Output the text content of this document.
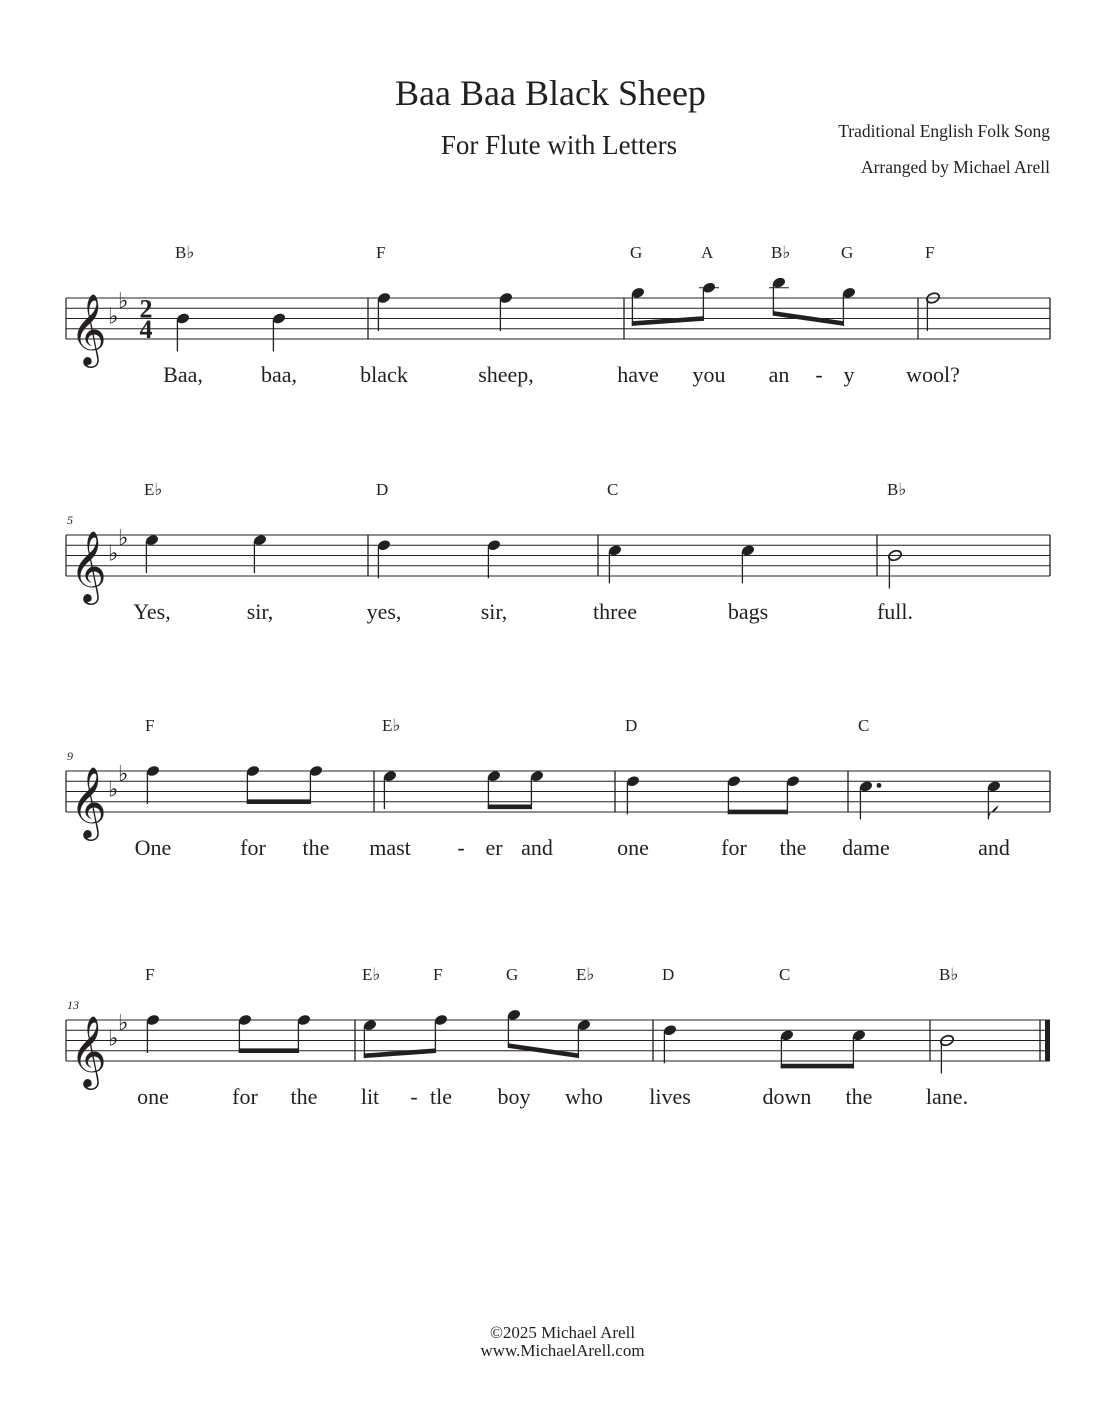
Baa Baa Black Sheep
For Flute with Letters	Traditional English Folk Song
Arranged by Michael Arell
𝄞 ♭
♭ 2
4
B♭
Baa,	baa,
F
black	sheep,
G
have
A
you
B♭
an
G
y
F
wool?
-
𝄞 ♭
♭
5
E♭
Yes,	sir,
D
yes,	sir,
C
three	bags
B♭
full.
𝄞 ♭
♭
9
F
One	for the
E♭
mast	er and
D
one	for the
C
dame	and
-
𝄞 ♭
♭
13
F
one	for the
E♭
lit
F
tle
G
boy
E♭
who
D
lives
C
down the
B♭
lane.
-
©2025 Michael Arell
www.MichaelArell.com
